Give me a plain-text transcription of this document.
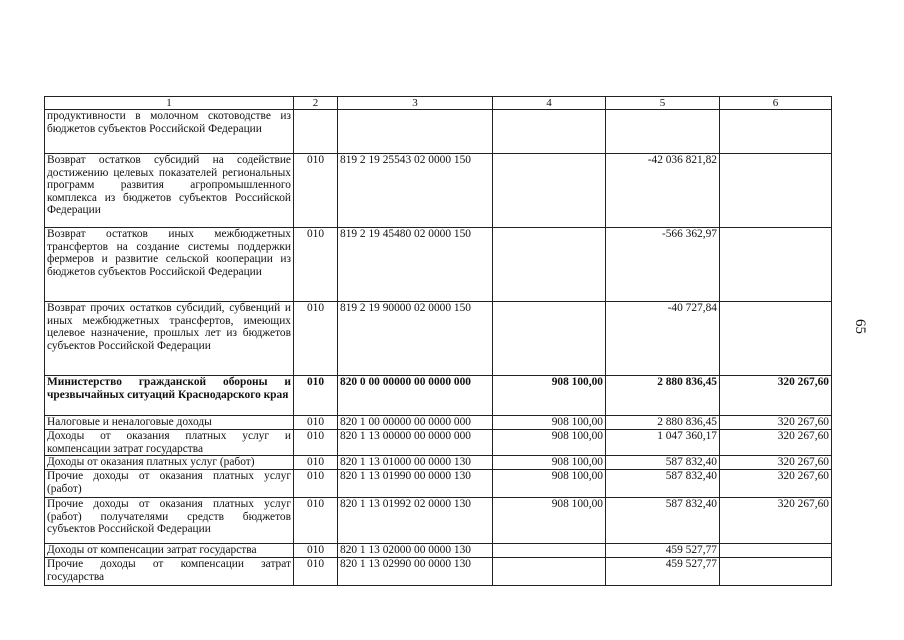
1	2	3	4	5	6
продуктивности в молочном скотоводстве из бюджетов субъектов Российской Федерации					
Возврат остатков субсидий на содействие достижению целевых показателей региональных программ развития агропромышленного комплекса из бюджетов субъектов Российской Федерации	010	819 2 19 25543 02 0000 150		-42 036 821,82	
Возврат остатков иных межбюджетных трансфертов на создание системы поддержки фермеров и развитие сельской кооперации из бюджетов субъектов Российской Федерации	010	819 2 19 45480 02 0000 150		-566 362,97	
Возврат прочих остатков субсидий, субвенций и иных межбюджетных трансфертов, имеющих целевое назначение, прошлых лет из бюджетов субъектов Российской Федерации	010	819 2 19 90000 02 0000 150		-40 727,84	
Министерство гражданской обороны и чрезвычайных ситуаций Краснодарского края	010	820 0 00 00000 00 0000 000	908 100,00	2 880 836,45	320 267,60
Налоговые и неналоговые доходы	010	820 1 00 00000 00 0000 000	908 100,00	2 880 836,45	320 267,60
Доходы от оказания платных услуг и компенсации затрат государства	010	820 1 13 00000 00 0000 000	908 100,00	1 047 360,17	320 267,60
Доходы от оказания платных услуг (работ)	010	820 1 13 01000 00 0000 130	908 100,00	587 832,40	320 267,60
Прочие доходы от оказания платных услуг (работ)	010	820 1 13 01990 00 0000 130	908 100,00	587 832,40	320 267,60
Прочие доходы от оказания платных услуг (работ) получателями средств бюджетов субъектов Российской Федерации	010	820 1 13 01992 02 0000 130	908 100,00	587 832,40	320 267,60
Доходы от компенсации затрат государства	010	820 1 13 02000 00 0000 130		459 527,77	
Прочие доходы от компенсации затрат государства	010	820 1 13 02990 00 0000 130		459 527,77	
65
